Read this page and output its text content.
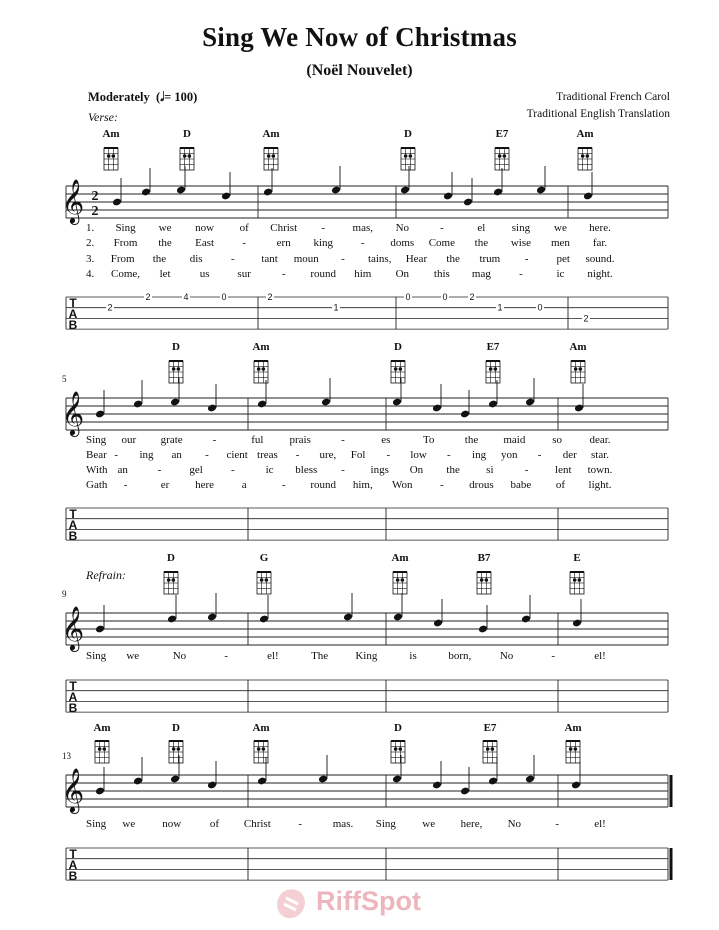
Sing We Now of Christmas
(Noël Nouvelet)
Moderately  (𝅗𝅥= 100)
Verse:
Traditional French Carol
Traditional English Translation
𝄞 2
2
T
A
B
Am	D	Am	D	E7	Am
1. Sing we now of Christ - mas, No	-	el sing we here.
2. From the East	-	ern king	- doms Come the wise men far.
3. From the dis	- tant moun - tains, Hear the trum -	pet sound.
4. Come, let	us	sur	- round him On this mag	-	ic night.
𝄞
T
A
B
5
D	Am	D	E7	Am
Sing our grate	-	ful prais	-	es	To	the maid so dear.
Bear - ing an - cient treas - ure, Fol - low - ing yon - der star.
With an	-	gel	-	ic bless - ings On the si	- lent town.
Gath -	er here	a	- round him, Won - drous babe of light.
𝄞
T
A
B
9
Refrain:
D	G	Am	B7	E
Sing we	No	-	el!	The King	is	born,	No	-	el!
𝄞
T
A
B
13
Am	D	Am	D	E7	Am
Sing we now	of Christ	-	mas. Sing we here, No	-	el!
2
2	4	0	2
1
0	0 2
1	0
2
RiffSpot
